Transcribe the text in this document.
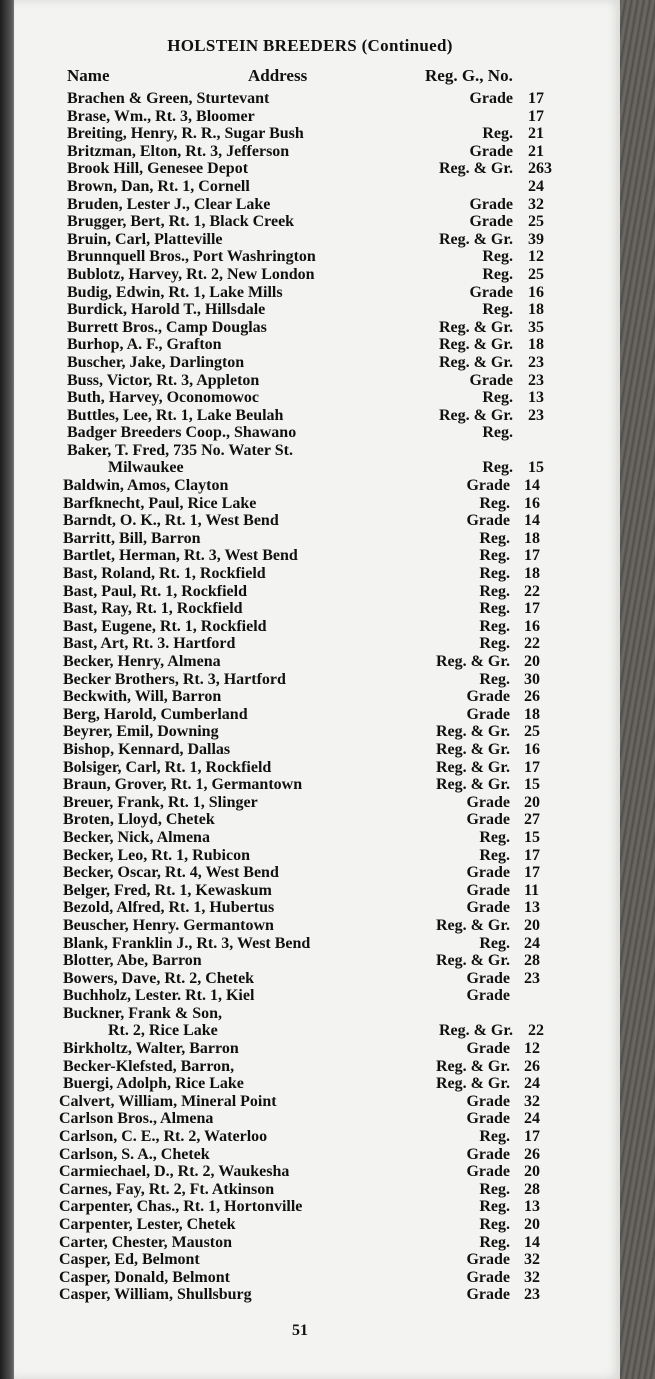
HOLSTEIN BREEDERS (Continued)
Name	Address	Reg. G., No.
Brachen & Green, Sturtevant	Grade 17
Brase, Wm., Rt. 3, Bloomer	17
Breiting, Henry, R. R., Sugar Bush	Reg. 21
Britzman, Elton, Rt. 3, Jefferson	Grade 21
Brook Hill, Genesee Depot	Reg. & Gr. 263
Brown, Dan, Rt. 1, Cornell	24
Bruden, Lester J., Clear Lake	Grade 32
Brugger, Bert, Rt. 1, Black Creek	Grade 25
Bruin, Carl, Platteville	Reg. & Gr. 39
Brunnquell Bros., Port Washrington	Reg. 12
Bublotz, Harvey, Rt. 2, New London	Reg. 25
Budig, Edwin, Rt. 1, Lake Mills	Grade 16
Burdick, Harold T., Hillsdale	Reg. 18
Burrett Bros., Camp Douglas	Reg. & Gr. 35
Burhop, A. F., Grafton	Reg. & Gr. 18
Buscher, Jake, Darlington	Reg. & Gr. 23
Buss, Victor, Rt. 3, Appleton	Grade 23
Buth, Harvey, Oconomowoc	Reg. 13
Buttles, Lee, Rt. 1, Lake Beulah	Reg. & Gr. 23
Badger Breeders Coop., Shawano	Reg.
Baker, T. Fred, 735 No. Water St.
Milwaukee	Reg. 15
Baldwin, Amos, Clayton	Grade 14
Barfknecht, Paul, Rice Lake	Reg. 16
Barndt, O. K., Rt. 1, West Bend	Grade 14
Barritt, Bill, Barron	Reg. 18
Bartlet, Herman, Rt. 3, West Bend	Reg. 17
Bast, Roland, Rt. 1, Rockfield	Reg. 18
Bast, Paul, Rt. 1, Rockfield	Reg. 22
Bast, Ray, Rt. 1, Rockfield	Reg. 17
Bast, Eugene, Rt. 1, Rockfield	Reg. 16
Bast, Art, Rt. 3. Hartford	Reg. 22
Becker, Henry, Almena	Reg. & Gr. 20
Becker Brothers, Rt. 3, Hartford	Reg. 30
Beckwith, Will, Barron	Grade 26
Berg, Harold, Cumberland	Grade 18
Beyrer, Emil, Downing	Reg. & Gr. 25
Bishop, Kennard, Dallas	Reg. & Gr. 16
Bolsiger, Carl, Rt. 1, Rockfield	Reg. & Gr. 17
Braun, Grover, Rt. 1, Germantown	Reg. & Gr. 15
Breuer, Frank, Rt. 1, Slinger	Grade 20
Broten, Lloyd, Chetek	Grade 27
Becker, Nick, Almena	Reg. 15
Becker, Leo, Rt. 1, Rubicon	Reg. 17
Becker, Oscar, Rt. 4, West Bend	Grade 17
Belger, Fred, Rt. 1, Kewaskum	Grade 11
Bezold, Alfred, Rt. 1, Hubertus	Grade 13
Beuscher, Henry. Germantown	Reg. & Gr. 20
Blank, Franklin J., Rt. 3, West Bend	Reg. 24
Blotter, Abe, Barron	Reg. & Gr. 28
Bowers, Dave, Rt. 2, Chetek	Grade 23
Buchholz, Lester. Rt. 1, Kiel	Grade
Buckner, Frank & Son,
Rt. 2, Rice Lake	Reg. & Gr. 22
Birkholtz, Walter, Barron	Grade 12
Becker-Klefsted, Barron,	Reg. & Gr. 26
Buergi, Adolph, Rice Lake	Reg. & Gr. 24
Calvert, William, Mineral Point	Grade 32
Carlson Bros., Almena	Grade 24
Carlson, C. E., Rt. 2, Waterloo	Reg. 17
Carlson, S. A., Chetek	Grade 26
Carmiechael, D., Rt. 2, Waukesha	Grade 20
Carnes, Fay, Rt. 2, Ft. Atkinson	Reg. 28
Carpenter, Chas., Rt. 1, Hortonville	Reg. 13
Carpenter, Lester, Chetek	Reg. 20
Carter, Chester, Mauston	Reg. 14
Casper, Ed, Belmont	Grade 32
Casper, Donald, Belmont	Grade 32
Casper, William, Shullsburg	Grade 23
51
